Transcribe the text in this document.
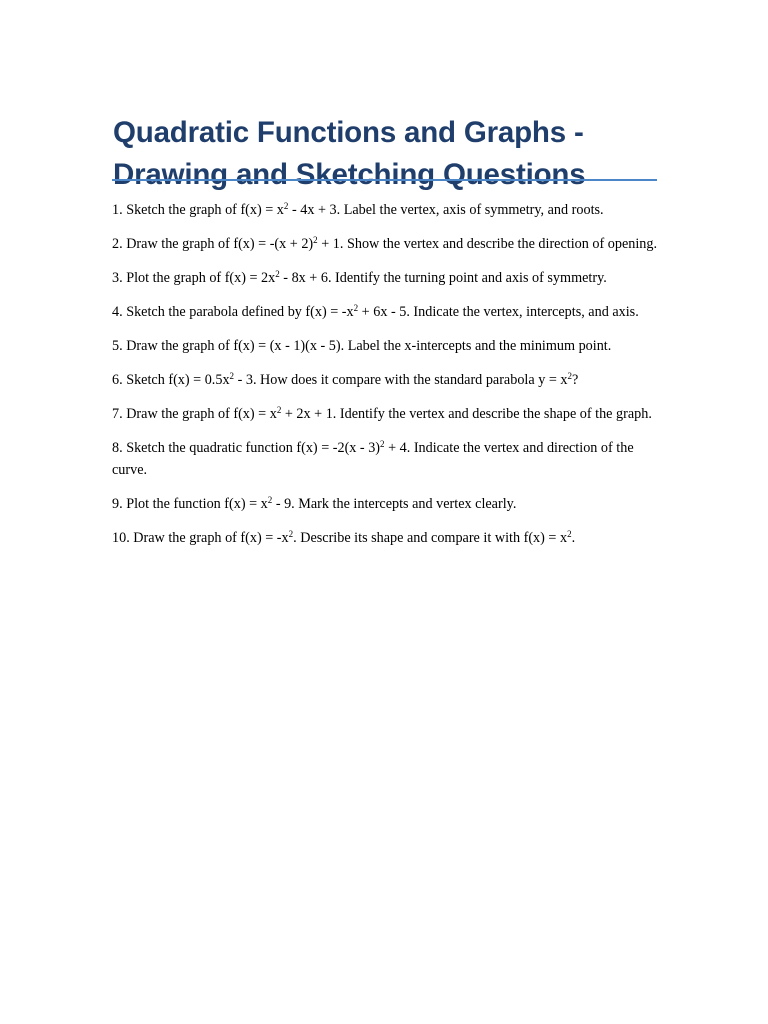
Quadratic Functions and Graphs -
Drawing and Sketching Questions
1. Sketch the graph of $f(x) = x^2 - 4x + 3$. Label the vertex, axis of symmetry, and roots.
2. Draw the graph of $f(x) = -(x + 2)^2 + 1$. Show the vertex and describe the direction of opening.
3. Plot the graph of $f(x) = 2x^2 - 8x + 6$. Identify the turning point and axis of symmetry.
4. Sketch the parabola defined by $f(x) = -x^2 + 6x - 5$. Indicate the vertex, intercepts, and axis.
5. Draw the graph of f(x) = (x - 1)(x - 5). Label the x-intercepts and the minimum point.
6. Sketch $f(x) = 0.5x^2 - 3$. How does it compare with the standard parabola $y = x^2$?
7. Draw the graph of $f(x) = x^2 + 2x + 1$. Identify the vertex and describe the shape of the graph.
8. Sketch the quadratic function f(x) = -2(x - 3)$^2$ + 4. Indicate the vertex and direction of the curve.
9. Plot the function $f(x) = x^2 - 9$. Mark the intercepts and vertex clearly.
10. Draw the graph of $f(x) = -x^2$. Describe its shape and compare it with $f(x) = x^2$.
